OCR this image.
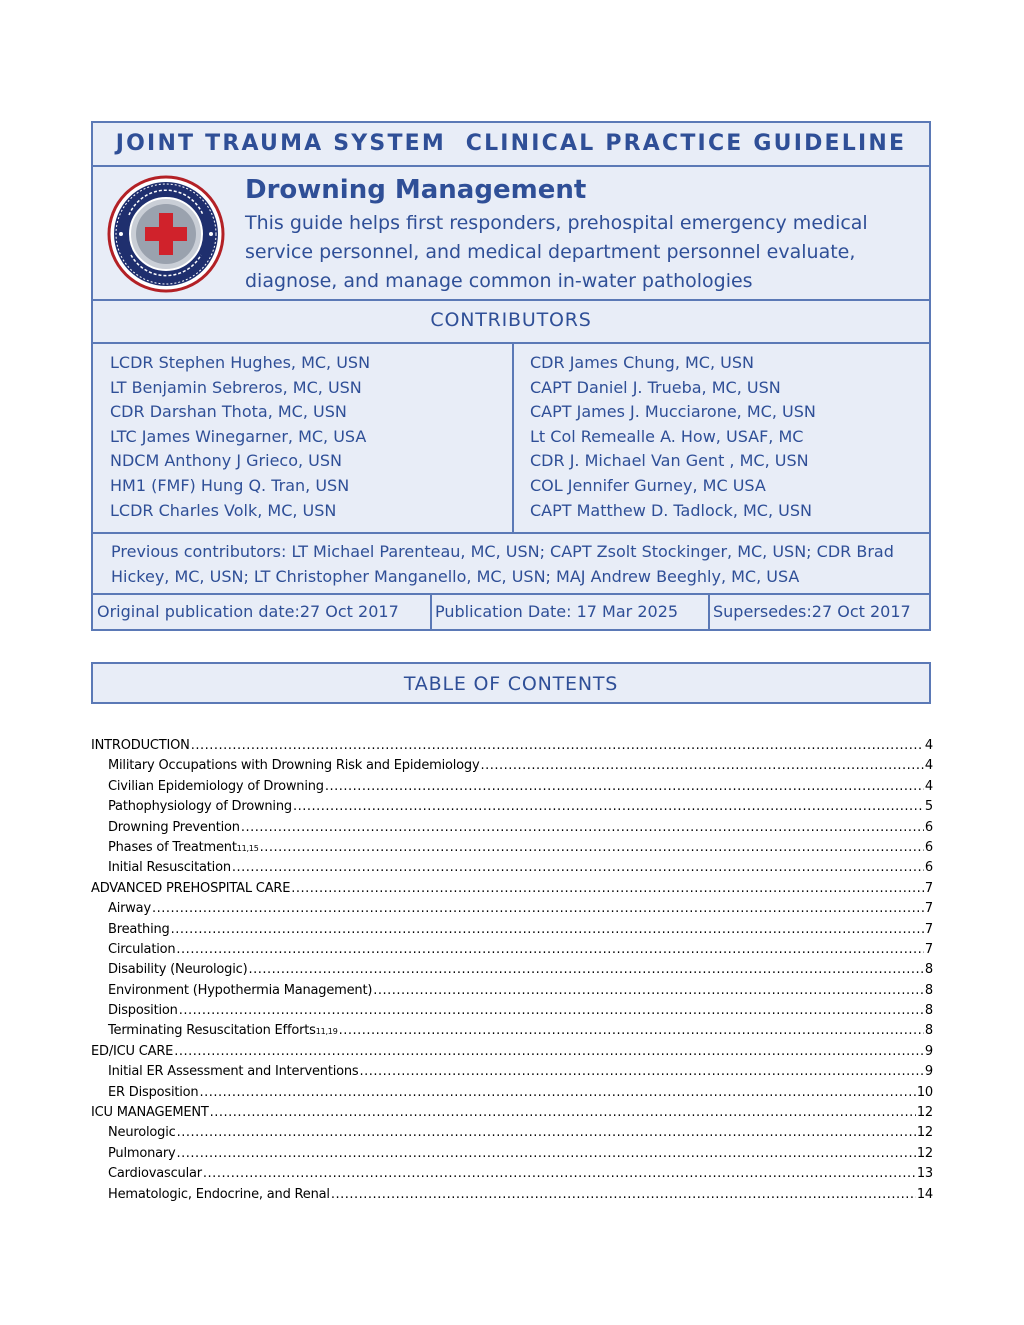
JOINT TRAUMA SYSTEM  CLINICAL PRACTICE GUIDELINE
Drowning Management
This guide helps first responders, prehospital emergency medical service personnel, and medical department personnel evaluate, diagnose, and manage common in-water pathologies
CONTRIBUTORS
LCDR Stephen Hughes, MC, USN
LT Benjamin Sebreros, MC, USN
CDR Darshan Thota, MC, USN
LTC James Winegarner, MC, USA
NDCM Anthony J Grieco, USN
HM1 (FMF) Hung Q. Tran, USN
LCDR Charles Volk, MC, USN
CDR James Chung, MC, USN
CAPT Daniel J. Trueba, MC, USN
CAPT James J. Mucciarone, MC, USN
Lt Col Remealle A. How, USAF, MC
CDR J. Michael Van Gent , MC, USN
COL Jennifer Gurney, MC USA
CAPT Matthew D. Tadlock, MC, USN
Previous contributors: LT Michael Parenteau, MC, USN; CAPT Zsolt Stockinger, MC, USN; CDR Brad Hickey, MC, USN; LT Christopher Manganello, MC, USN; MAJ Andrew Beeghly, MC, USA
Original publication date:27 Oct 2017 Publication Date: 17 Mar 2025 Supersedes:27 Oct 2017
TABLE OF CONTENTS
INTRODUCTION .....	4
Military Occupations with Drowning Risk and Epidemiology .....	4
Civilian Epidemiology of Drowning .....	4
Pathophysiology of Drowning .....	5
Drowning Prevention .....	6
Phases of Treatment 11,15 .....	6
Initial Resuscitation .....	6
ADVANCED PREHOSPITAL CARE .....	7
Airway .....	7
Breathing .....	7
Circulation .....	7
Disability (Neurologic) .....	8
Environment (Hypothermia Management) .....	8
Disposition .....	8
Terminating Resuscitation Efforts 11,19 .....	8
ED/ICU CARE .....	9
Initial ER Assessment and Interventions .....	9
ER Disposition .....	10
ICU MANAGEMENT .....	12
Neurologic .....	12
Pulmonary .....	12
Cardiovascular .....	13
Hematologic, Endocrine, and Renal .....	14
